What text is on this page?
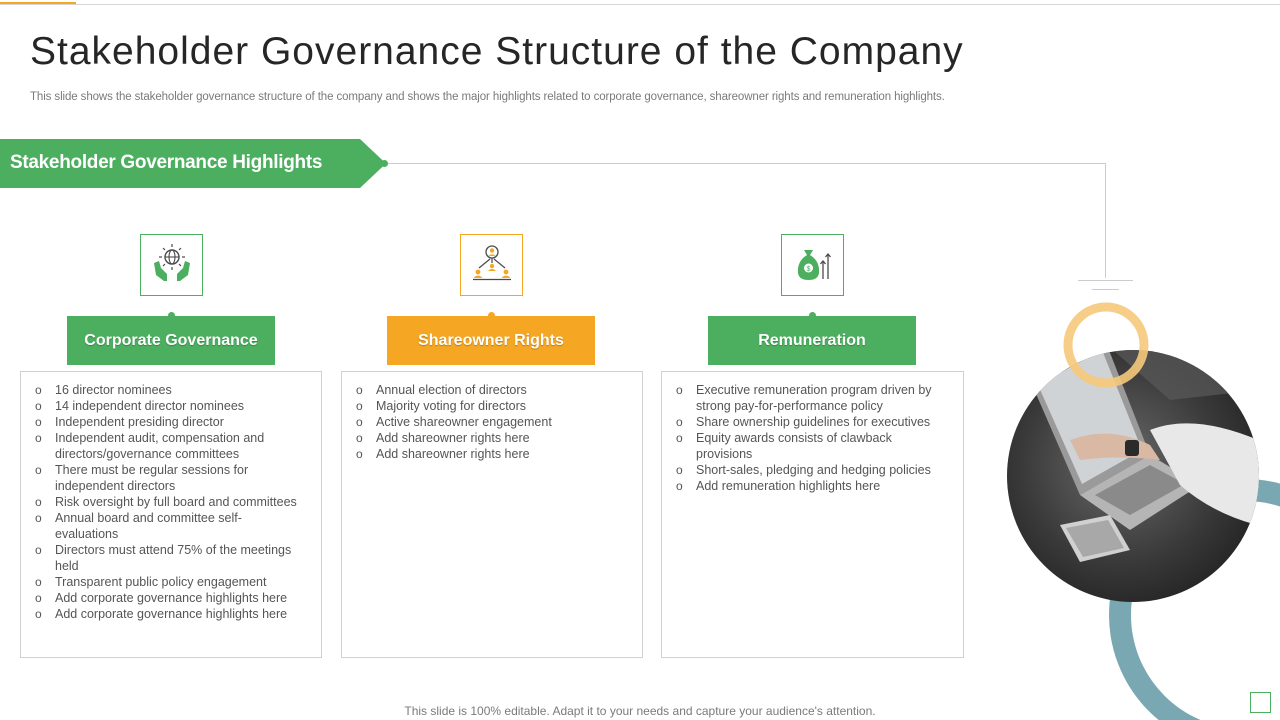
Stakeholder Governance Structure of the Company

This slide shows the stakeholder governance structure of the company and shows the major highlights related to corporate governance, shareowner rights and remuneration highlights.

Stakeholder Governance Highlights
Corporate Governance
o 16 director nominees
o 14 independent director nominees
o Independent presiding director
o Independent audit, compensation and directors/governance committees
o There must be regular sessions for independent directors
o Risk oversight by full board and committees
o Annual board and committee self-evaluations
o Directors must attend 75% of the meetings held
o Transparent public policy engagement
o Add corporate governance highlights here
o Add corporate governance highlights here
Shareowner Rights
o Annual election of directors
o Majority voting for directors
o Active shareowner engagement
o Add shareowner rights here
o Add shareowner rights here
$
Remuneration
o Executive remuneration program driven by strong pay-for-performance policy
o Share ownership guidelines for executives
o Equity awards consists of clawback provisions
o Short-sales, pledging and hedging policies
o Add remuneration highlights here
This slide is 100% editable. Adapt it to your needs and capture your audience's attention.
